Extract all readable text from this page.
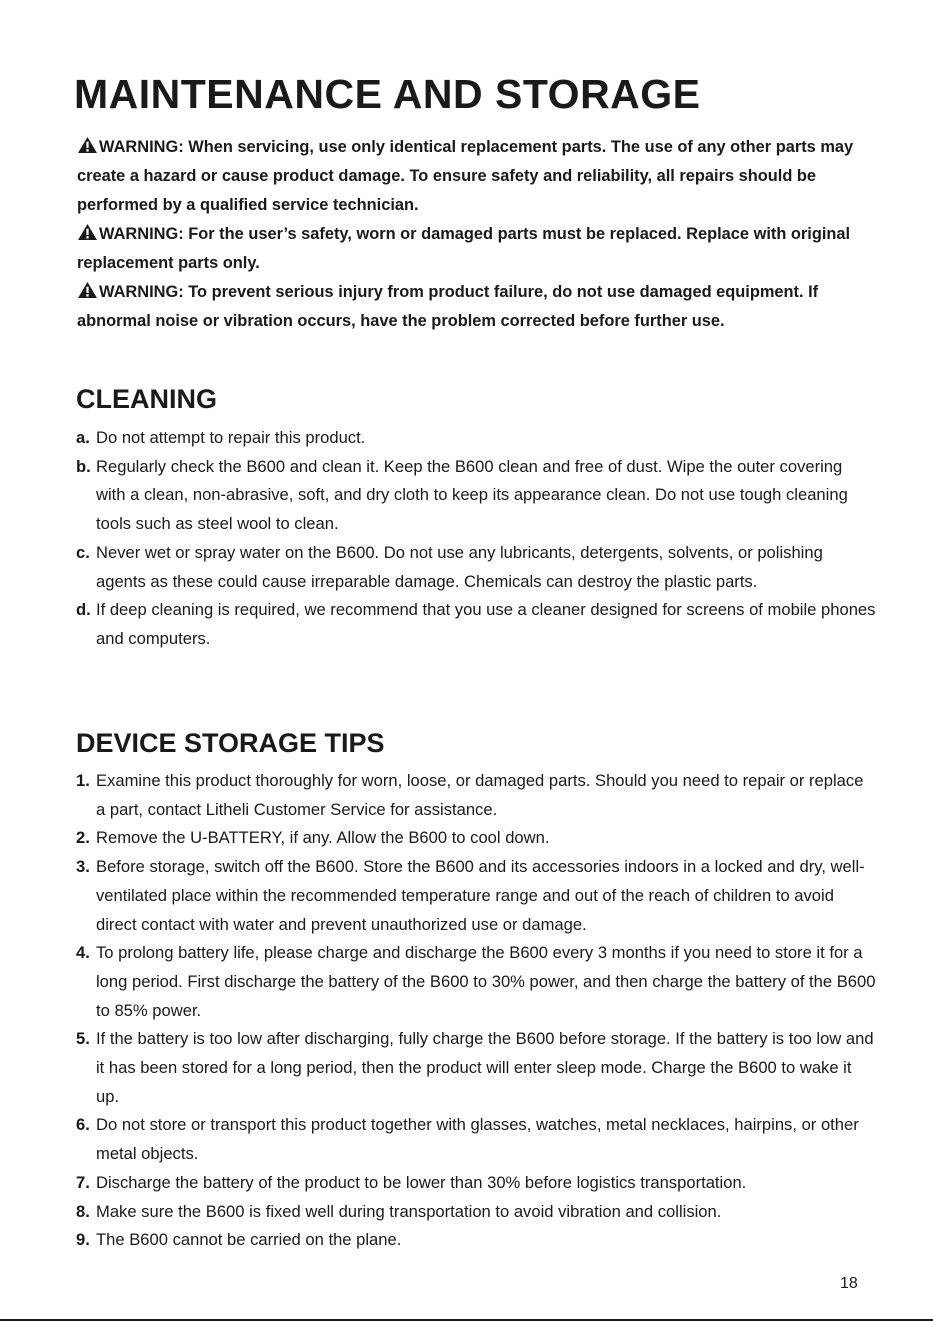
MAINTENANCE AND STORAGE

WARNING: When servicing, use only identical replacement parts. The use of any other parts may create a hazard or cause product damage. To ensure safety and reliability, all repairs should be performed by a qualified service technician.

WARNING: For the user’s safety, worn or damaged parts must be replaced. Replace with original replacement parts only.

WARNING: To prevent serious injury from product failure, do not use damaged equipment. If abnormal noise or vibration occurs, have the problem corrected before further use.

CLEANING
a. Do not attempt to repair this product.
b. Regularly check the B600 and clean it. Keep the B600 clean and free of dust. Wipe the outer covering with a clean, non-abrasive, soft, and dry cloth to keep its appearance clean. Do not use tough cleaning tools such as steel wool to clean.
c. Never wet or spray water on the B600. Do not use any lubricants, detergents, solvents, or polishing agents as these could cause irreparable damage. Chemicals can destroy the plastic parts.
d. If deep cleaning is required, we recommend that you use a cleaner designed for screens of mobile phones and computers.
DEVICE STORAGE TIPS
1. Examine this product thoroughly for worn, loose, or damaged parts. Should you need to repair or replace a part, contact Litheli Customer Service for assistance.
2. Remove the U-BATTERY, if any. Allow the B600 to cool down.
3. Before storage, switch off the B600. Store the B600 and its accessories indoors in a locked and dry, well-ventilated place within the recommended temperature range and out of the reach of children to avoid direct contact with water and prevent unauthorized use or damage.
4. To prolong battery life, please charge and discharge the B600 every 3 months if you need to store it for a long period. First discharge the battery of the B600 to 30% power, and then charge the battery of the B600 to 85% power.
5. If the battery is too low after discharging, fully charge the B600 before storage. If the battery is too low and it has been stored for a long period, then the product will enter sleep mode. Charge the B600 to wake it up.
6. Do not store or transport this product together with glasses, watches, metal necklaces, hairpins, or other metal objects.
7. Discharge the battery of the product to be lower than 30% before logistics transportation.
8. Make sure the B600 is fixed well during transportation to avoid vibration and collision.
9. The B600 cannot be carried on the plane.
18
